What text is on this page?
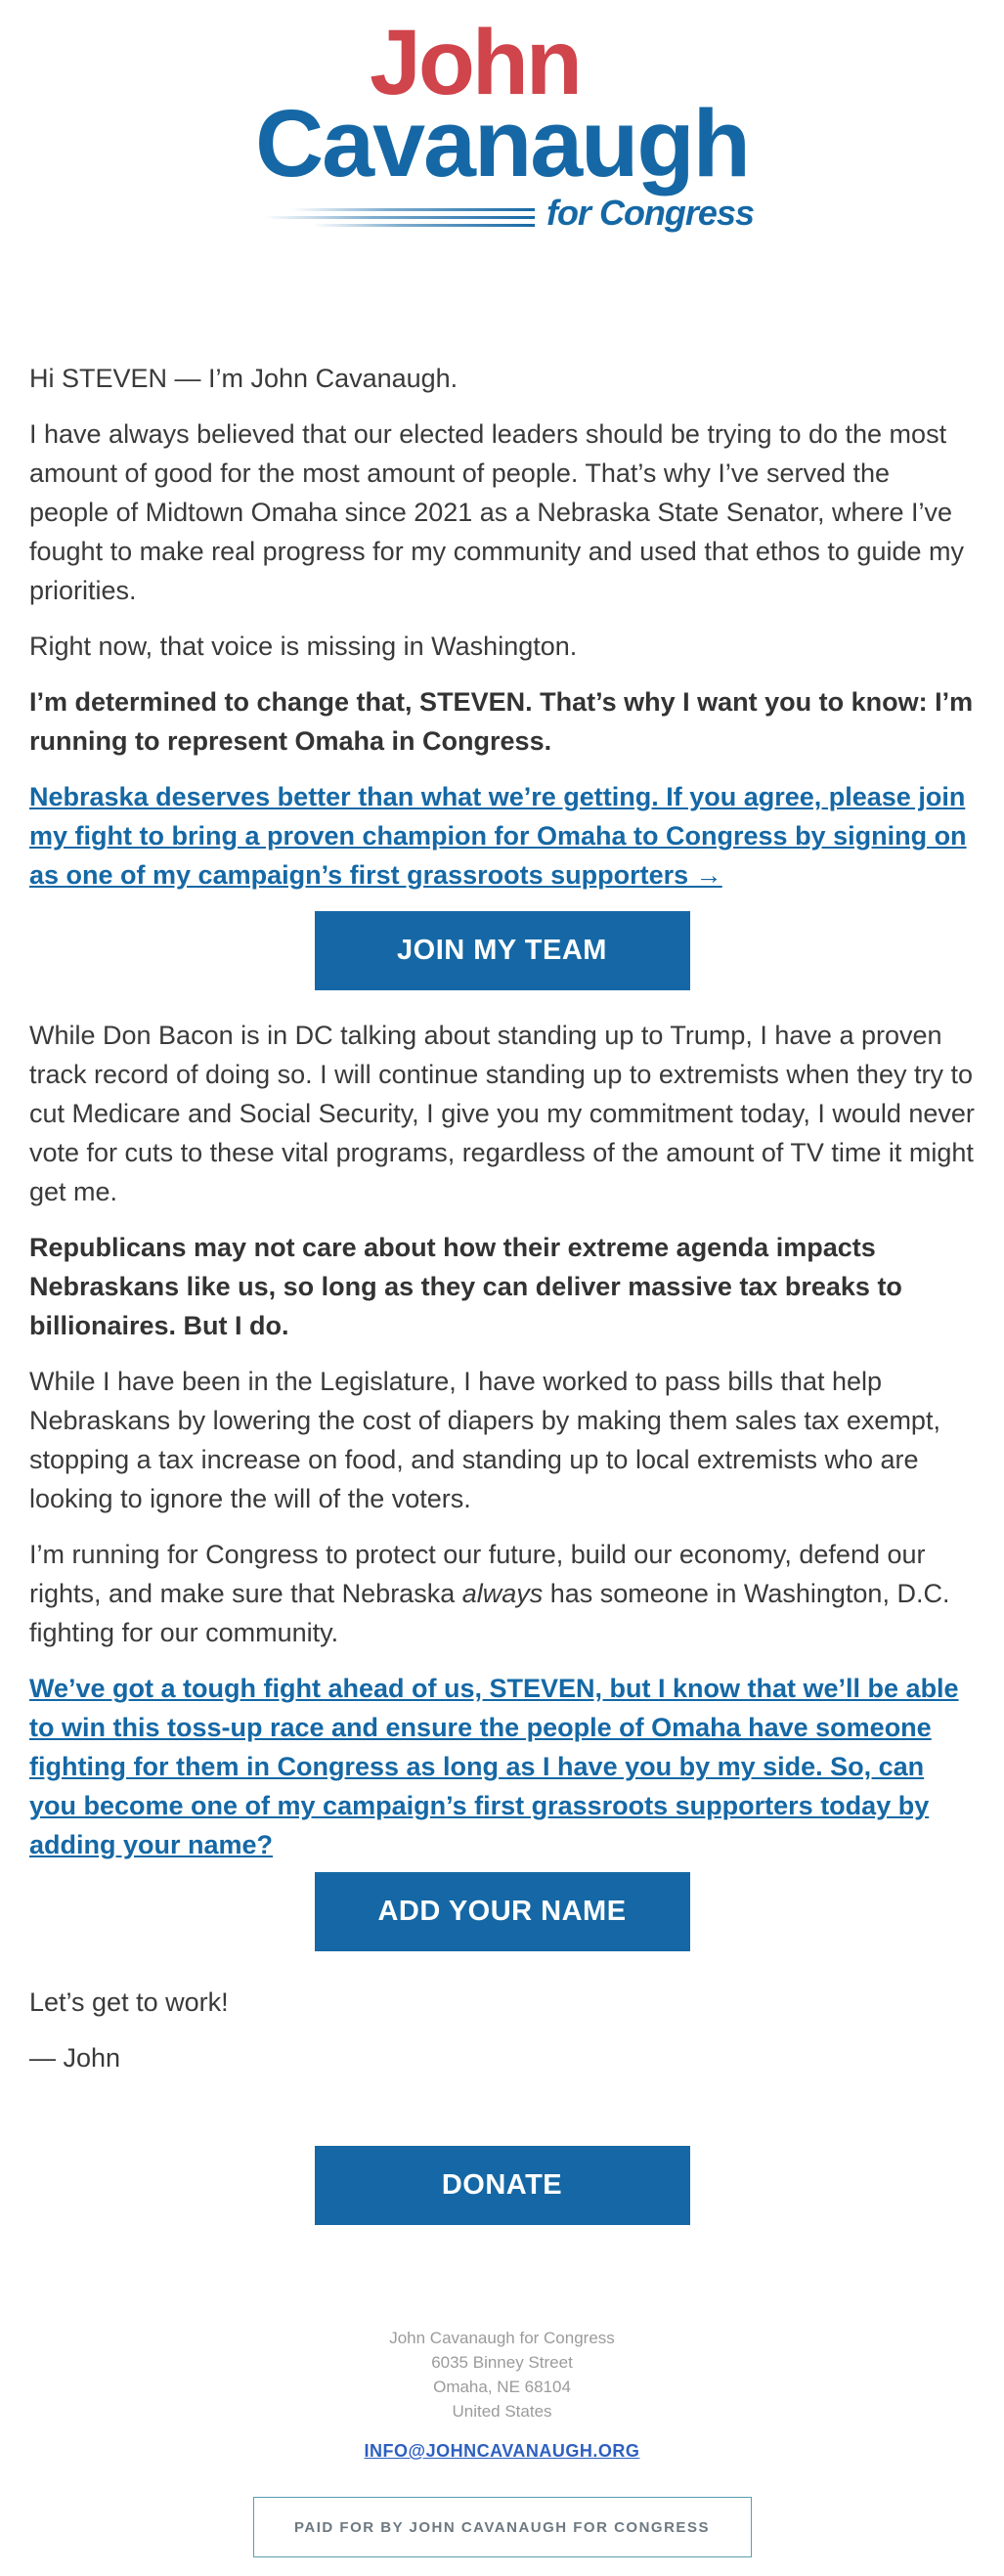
John
Cavanaugh
for Congress

Hi STEVEN — I’m John Cavanaugh.

I have always believed that our elected leaders should be trying to do the most amount of good for the most amount of people. That’s why I’ve served the people of Midtown Omaha since 2021 as a Nebraska State Senator, where I’ve fought to make real progress for my community and used that ethos to guide my priorities.

Right now, that voice is missing in Washington.

I’m determined to change that, STEVEN. That’s why I want you to know: I’m running to represent Omaha in Congress.

Nebraska deserves better than what we’re getting. If you agree, please join my fight to bring a proven champion for Omaha to Congress by signing on as one of my campaign’s first grassroots supporters →

JOIN MY TEAM

While Don Bacon is in DC talking about standing up to Trump, I have a proven track record of doing so. I will continue standing up to extremists when they try to cut Medicare and Social Security, I give you my commitment today, I would never vote for cuts to these vital programs, regardless of the amount of TV time it might get me.

Republicans may not care about how their extreme agenda impacts Nebraskans like us, so long as they can deliver massive tax breaks to billionaires. But I do.

While I have been in the Legislature, I have worked to pass bills that help Nebraskans by lowering the cost of diapers by making them sales tax exempt, stopping a tax increase on food, and standing up to local extremists who are looking to ignore the will of the voters.

I’m running for Congress to protect our future, build our economy, defend our rights, and make sure that Nebraska always has someone in Washington, D.C. fighting for our community.

We’ve got a tough fight ahead of us, STEVEN, but I know that we’ll be able to win this toss-up race and ensure the people of Omaha have someone fighting for them in Congress as long as I have you by my side. So, can you become one of my campaign’s first grassroots supporters today by adding your name?

ADD YOUR NAME

Let’s get to work!

— John

DONATE
John Cavanaugh for Congress
6035 Binney Street
Omaha, NE 68104
United States
INFO@JOHNCAVANAUGH.ORG
PAID FOR BY JOHN CAVANAUGH FOR CONGRESS
